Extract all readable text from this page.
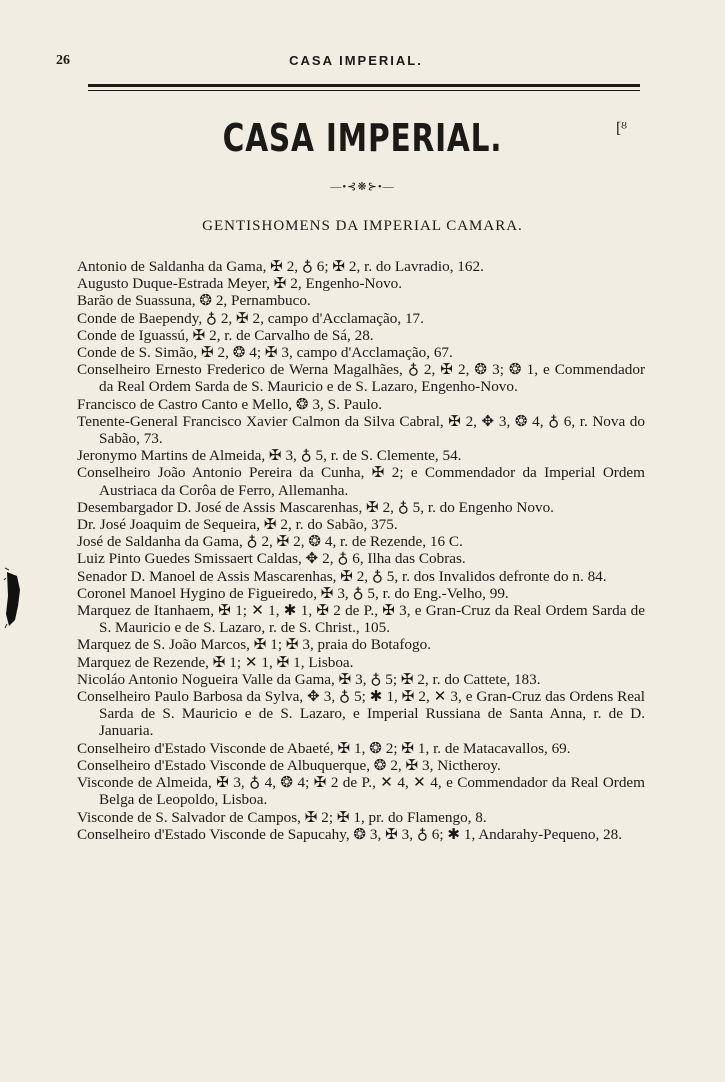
26	CASA IMPERIAL.
CASA IMPERIAL.	[ᴽ
—•⊰❋⊱•—
GENTISHOMENS DA IMPERIAL CAMARA.
Antonio de Saldanha da Gama, ✠ 2, ♁ 6; ✠ 2, r. do Lavradio, 162.
Augusto Duque-Estrada Meyer, ✠ 2, Engenho-Novo.
Barão de Suassuna, ❂ 2, Pernambuco.
Conde de Baependy, ♁ 2, ✠ 2, campo d'Acclamação, 17.
Conde de Iguassú, ✠ 2, r. de Carvalho de Sá, 28.
Conde de S. Simão, ✠ 2, ❂ 4; ✠ 3, campo d'Acclamação, 67.
Conselheiro Ernesto Frederico de Werna Magalhães, ♁ 2, ✠ 2, ❂ 3; ❂ 1, e Commendador da Real Ordem Sarda de S. Mauricio e de S. Lazaro, Engenho-Novo.
Francisco de Castro Canto e Mello, ❂ 3, S. Paulo.
Tenente-General Francisco Xavier Calmon da Silva Cabral, ✠ 2, ✥ 3, ❂ 4, ♁ 6, r. Nova do Sabão, 73.
Jeronymo Martins de Almeida, ✠ 3, ♁ 5, r. de S. Clemente, 54.
Conselheiro João Antonio Pereira da Cunha, ✠ 2; e Commendador da Imperial Ordem Austriaca da Corôa de Ferro, Allemanha.
Desembargador D. José de Assis Mascarenhas, ✠ 2, ♁ 5, r. do Engenho Novo.
Dr. José Joaquim de Sequeira, ✠ 2, r. do Sabão, 375.
José de Saldanha da Gama, ♁ 2, ✠ 2, ❂ 4, r. de Rezende, 16 C.
Luiz Pinto Guedes Smissaert Caldas, ✥ 2, ♁ 6, Ilha das Cobras.
Senador D. Manoel de Assis Mascarenhas, ✠ 2, ♁ 5, r. dos Invalidos defronte do n. 84.
Coronel Manoel Hygino de Figueiredo, ✠ 3, ♁ 5, r. do Eng.-Velho, 99.
Marquez de Itanhaem, ✠ 1; ✕ 1, ✱ 1, ✠ 2 de P., ✠ 3, e Gran-Cruz da Real Ordem Sarda de S. Mauricio e de S. Lazaro, r. de S. Christ., 105.
Marquez de S. João Marcos, ✠ 1; ✠ 3, praia do Botafogo.
Marquez de Rezende, ✠ 1; ✕ 1, ✠ 1, Lisboa.
Nicoláo Antonio Nogueira Valle da Gama, ✠ 3, ♁ 5; ✠ 2, r. do Cattete, 183.
Conselheiro Paulo Barbosa da Sylva, ✥ 3, ♁ 5; ✱ 1, ✠ 2, ✕ 3, e Gran-Cruz das Ordens Real Sarda de S. Mauricio e de S. Lazaro, e Imperial Russiana de Santa Anna, r. de D. Januaria.
Conselheiro d'Estado Visconde de Abaeté, ✠ 1, ❂ 2; ✠ 1, r. de Matacavallos, 69.
Conselheiro d'Estado Visconde de Albuquerque, ❂ 2, ✠ 3, Nictheroy.
Visconde de Almeida, ✠ 3, ♁ 4, ❂ 4; ✠ 2 de P., ✕ 4, ✕ 4, e Commendador da Real Ordem Belga de Leopoldo, Lisboa.
Visconde de S. Salvador de Campos, ✠ 2; ✠ 1, pr. do Flamengo, 8.
Conselheiro d'Estado Visconde de Sapucahy, ❂ 3, ✠ 3, ♁ 6; ✱ 1, Andarahy-Pequeno, 28.
